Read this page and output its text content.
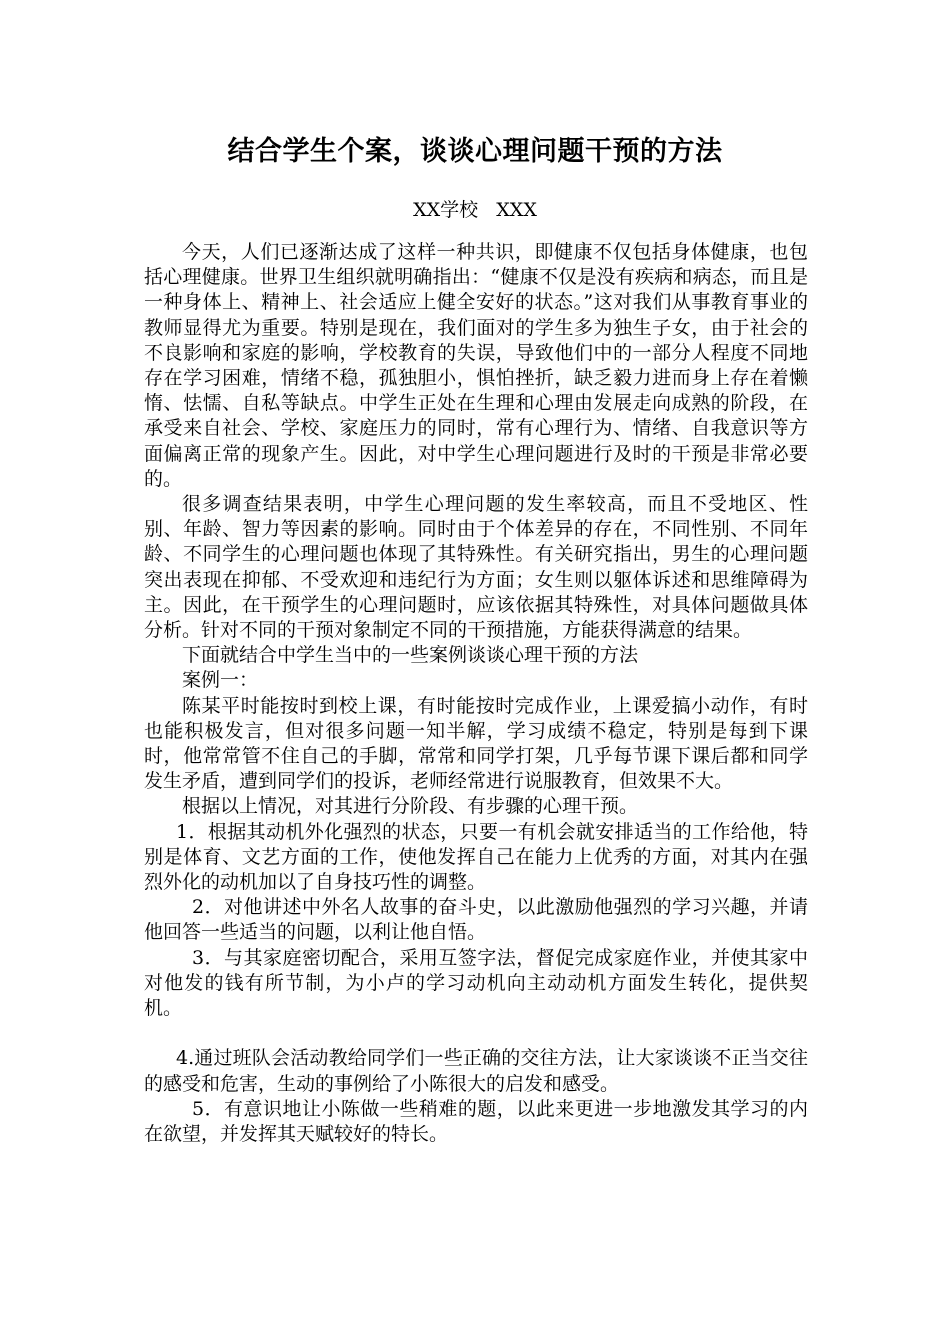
结合学生个案，谈谈心理问题干预的方法

XX学校   XXX

今天，人们已逐渐达成了这样一种共识，即健康不仅包括身体健康，也包括心理健康。世界卫生组织就明确指出：“健康不仅是没有疾病和病态，而且是一种身体上、精神上、社会适应上健全安好的状态。”这对我们从事教育事业的教师显得尤为重要。特别是现在，我们面对的学生多为独生子女，由于社会的不良影响和家庭的影响，学校教育的失误，导致他们中的一部分人程度不同地存在学习困难，情绪不稳，孤独胆小，惧怕挫折，缺乏毅力进而身上存在着懒惰、怯懦、自私等缺点。中学生正处在生理和心理由发展走向成熟的阶段，在承受来自社会、学校、家庭压力的同时，常有心理行为、情绪、自我意识等方面偏离正常的现象产生。因此，对中学生心理问题进行及时的干预是非常必要的。

很多调查结果表明，中学生心理问题的发生率较高，而且不受地区、性别、年龄、智力等因素的影响。同时由于个体差异的存在，不同性别、不同年龄、不同学生的心理问题也体现了其特殊性。有关研究指出，男生的心理问题突出表现在抑郁、不受欢迎和违纪行为方面；女生则以躯体诉述和思维障碍为主。因此，在干预学生的心理问题时，应该依据其特殊性，对具体问题做具体分析。针对不同的干预对象制定不同的干预措施，方能获得满意的结果。

下面就结合中学生当中的一些案例谈谈心理干预的方法

案例一：

陈某平时能按时到校上课，有时能按时完成作业，上课爱搞小动作，有时也能积极发言，但对很多问题一知半解，学习成绩不稳定，特别是每到下课时，他常常管不住自己的手脚，常常和同学打架，几乎每节课下课后都和同学发生矛盾，遭到同学们的投诉，老师经常进行说服教育，但效果不大。

根据以上情况，对其进行分阶段、有步骤的心理干预。

1．根据其动机外化强烈的状态，只要一有机会就安排适当的工作给他，特别是体育、文艺方面的工作，使他发挥自己在能力上优秀的方面，对其内在强烈外化的动机加以了自身技巧性的调整。

2．对他讲述中外名人故事的奋斗史，以此激励他强烈的学习兴趣，并请他回答一些适当的问题，以利让他自悟。

3．与其家庭密切配合，采用互签字法，督促完成家庭作业，并使其家中对他发的钱有所节制，为小卢的学习动机向主动动机方面发生转化，提供契机。

4.通过班队会活动教给同学们一些正确的交往方法，让大家谈谈不正当交往的感受和危害，生动的事例给了小陈很大的启发和感受。

5．有意识地让小陈做一些稍难的题，以此来更进一步地激发其学习的内在欲望，并发挥其天赋较好的特长。
